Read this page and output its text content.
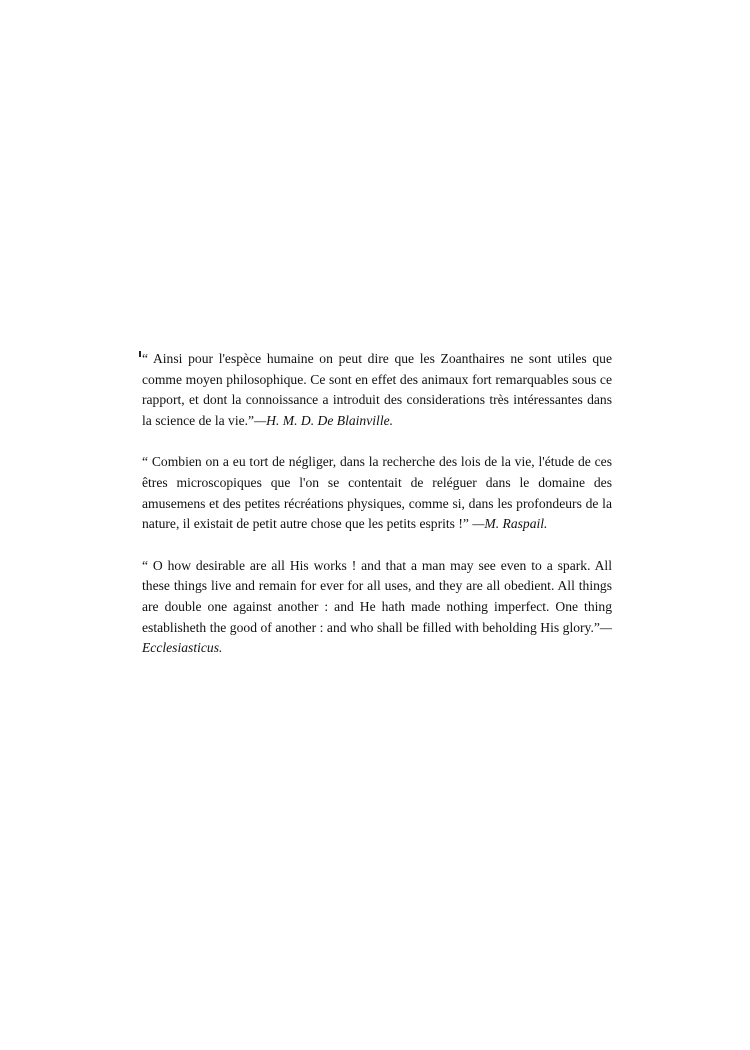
“ Ainsi pour l'espèce humaine on peut dire que les Zoanthaires ne sont utiles que comme moyen philosophique. Ce sont en effet des animaux fort remarquables sous ce rapport, et dont la connoissance a introduit des considerations très intéressantes dans la science de la vie.”—H. M. D. De Blainville.

“ Combien on a eu tort de négliger, dans la recherche des lois de la vie, l'étude de ces êtres microscopiques que l'on se contentait de reléguer dans le domaine des amusemens et des petites récréations physiques, comme si, dans les profondeurs de la nature, il existait de petit autre chose que les petits esprits !” —M. Raspail.

“ O how desirable are all His works ! and that a man may see even to a spark. All these things live and remain for ever for all uses, and they are all obedient. All things are double one against another : and He hath made nothing imperfect. One thing establisheth the good of another : and who shall be filled with beholding His glory.”—Ecclesiasticus.
